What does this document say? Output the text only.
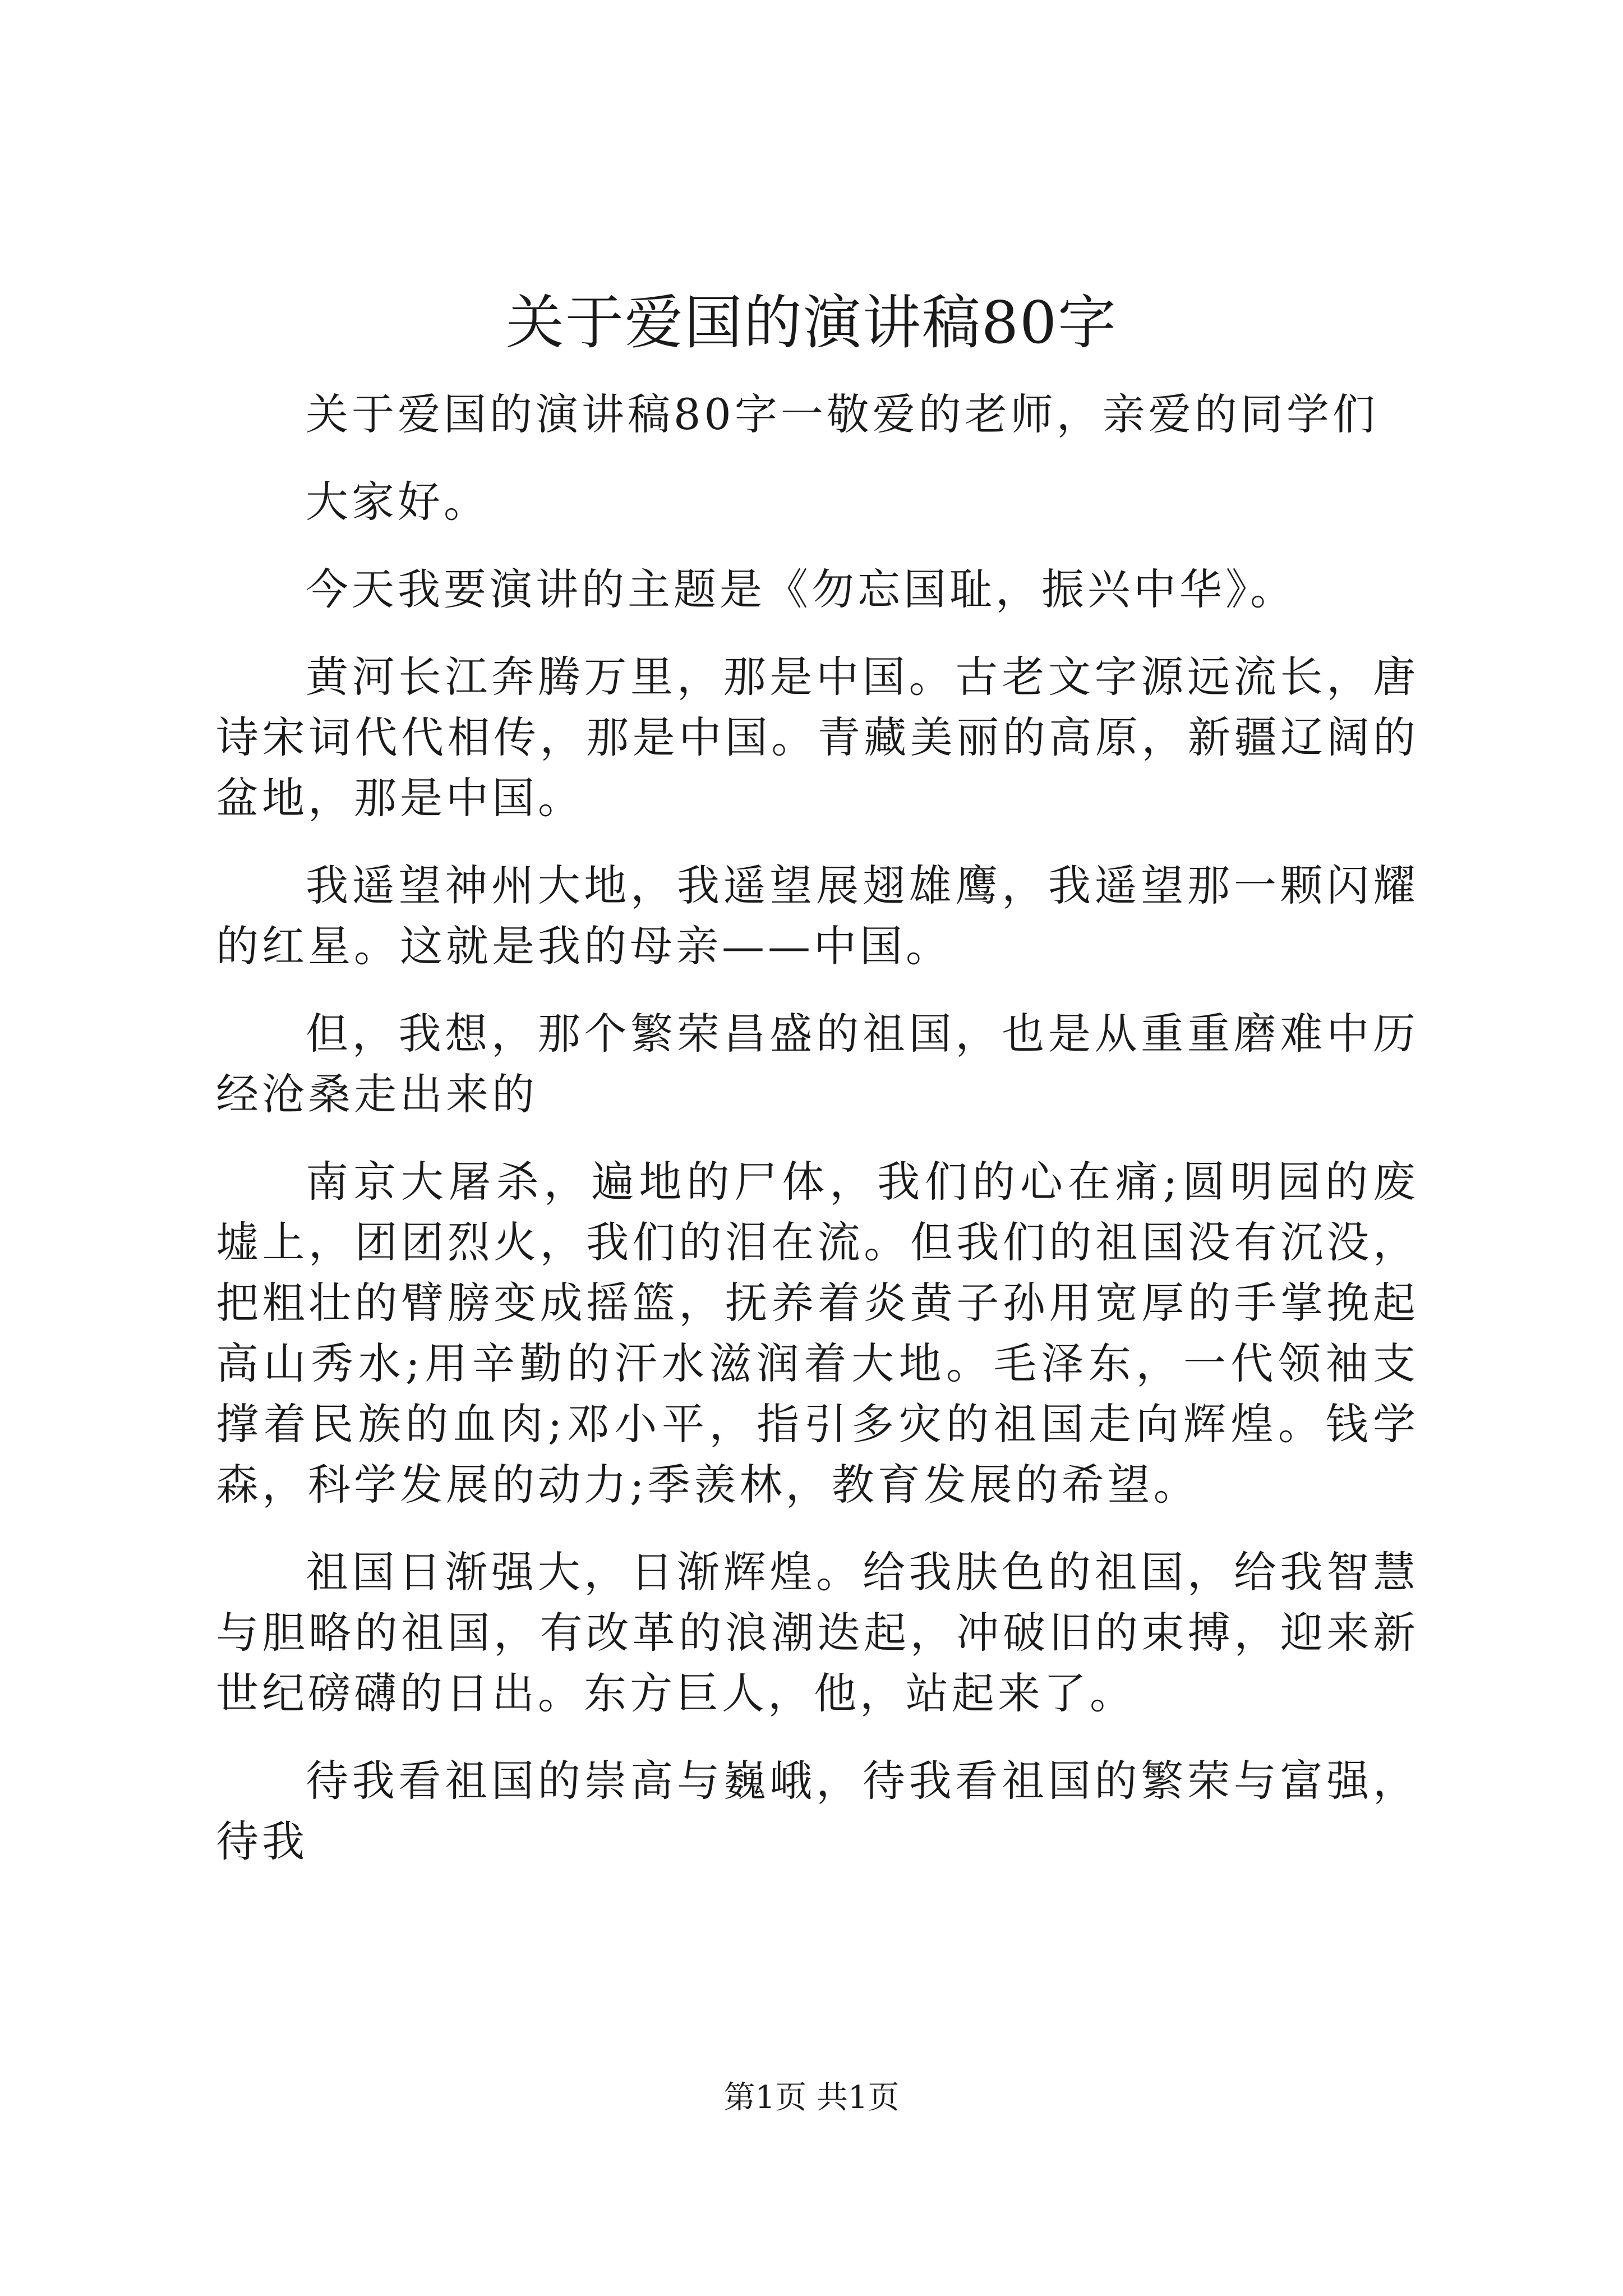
关于爱国的演讲稿80字

关于爱国的演讲稿80字一敬爱的老师，亲爱的同学们

大家好。

今天我要演讲的主题是《勿忘国耻，振兴中华》。

黄河长江奔腾万里，那是中国。古老文字源远流长，唐诗宋词代代相传，那是中国。青藏美丽的高原，新疆辽阔的盆地，那是中国。

我遥望神州大地，我遥望展翅雄鹰，我遥望那一颗闪耀的红星。这就是我的母亲——中国。

但，我想，那个繁荣昌盛的祖国，也是从重重磨难中历经沧桑走出来的

南京大屠杀，遍地的尸体，我们的心在痛;圆明园的废墟上，团团烈火，我们的泪在流。但我们的祖国没有沉没，把粗壮的臂膀变成摇篮，抚养着炎黄子孙用宽厚的手掌挽起高山秀水;用辛勤的汗水滋润着大地。毛泽东，一代领袖支撑着民族的血肉;邓小平，指引多灾的祖国走向辉煌。钱学森，科学发展的动力;季羡林，教育发展的希望。

祖国日渐强大，日渐辉煌。给我肤色的祖国，给我智慧与胆略的祖国，有改革的浪潮迭起，冲破旧的束搏，迎来新世纪磅礴的日出。东方巨人，他，站起来了。

待我看祖国的崇高与巍峨，待我看祖国的繁荣与富强，待我

第1页 共1页
